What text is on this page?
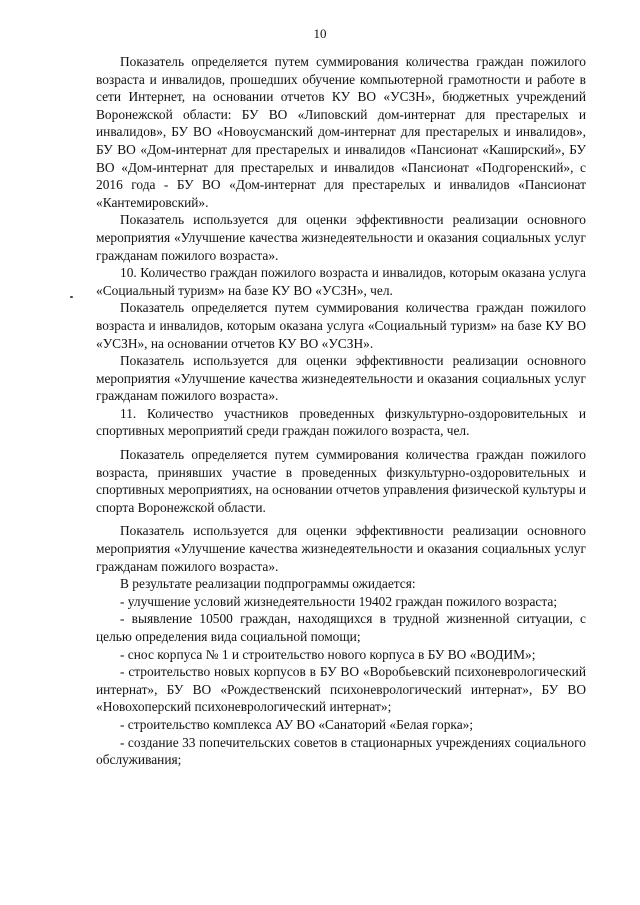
10

Показатель определяется путем суммирования количества граждан пожилого возраста и инвалидов, прошедших обучение компьютерной грамотности и работе в сети Интернет, на основании отчетов КУ ВО «УСЗН», бюджетных учреждений Воронежской области: БУ ВО «Липовский дом-интернат для престарелых и инвалидов», БУ ВО «Новоусманский дом-интернат для престарелых и инвалидов», БУ ВО «Дом-интернат для престарелых и инвалидов «Пансионат «Каширский», БУ ВО «Дом-интернат для престарелых и инвалидов «Пансионат «Подгоренский», с 2016 года - БУ ВО «Дом-интернат для престарелых и инвалидов «Пансионат «Кантемировский».

Показатель используется для оценки эффективности реализации основного мероприятия «Улучшение качества жизнедеятельности и оказания социальных услуг гражданам пожилого возраста».

10. Количество граждан пожилого возраста и инвалидов, которым оказана услуга «Социальный туризм» на базе КУ ВО «УСЗН», чел.

Показатель определяется путем суммирования количества граждан пожилого возраста и инвалидов, которым оказана услуга «Социальный туризм» на базе КУ ВО «УСЗН», на основании отчетов КУ ВО «УСЗН».

Показатель используется для оценки эффективности реализации основного мероприятия «Улучшение качества жизнедеятельности и оказания социальных услуг гражданам пожилого возраста».

11. Количество участников проведенных физкультурно-оздоровительных и спортивных мероприятий среди граждан пожилого возраста, чел.

Показатель определяется путем суммирования количества граждан пожилого возраста, принявших участие в проведенных физкультурно-оздоровительных и спортивных мероприятиях, на основании отчетов управления физической культуры и спорта Воронежской области.

Показатель используется для оценки эффективности реализации основного мероприятия «Улучшение качества жизнедеятельности и оказания социальных услуг гражданам пожилого возраста».

В результате реализации подпрограммы ожидается:

- улучшение условий жизнедеятельности 19402 граждан пожилого возраста;

- выявление 10500 граждан, находящихся в трудной жизненной ситуации, с целью определения вида социальной помощи;

- снос корпуса № 1 и строительство нового корпуса в БУ ВО «ВОДИМ»;

- строительство новых корпусов в БУ ВО «Воробьевский психоневрологический интернат», БУ ВО «Рождественский психоневрологический интернат», БУ ВО «Новохоперский психоневрологический интернат»;

- строительство комплекса АУ ВО «Санаторий «Белая горка»;

- создание 33 попечительских советов в стационарных учреждениях социального обслуживания;
